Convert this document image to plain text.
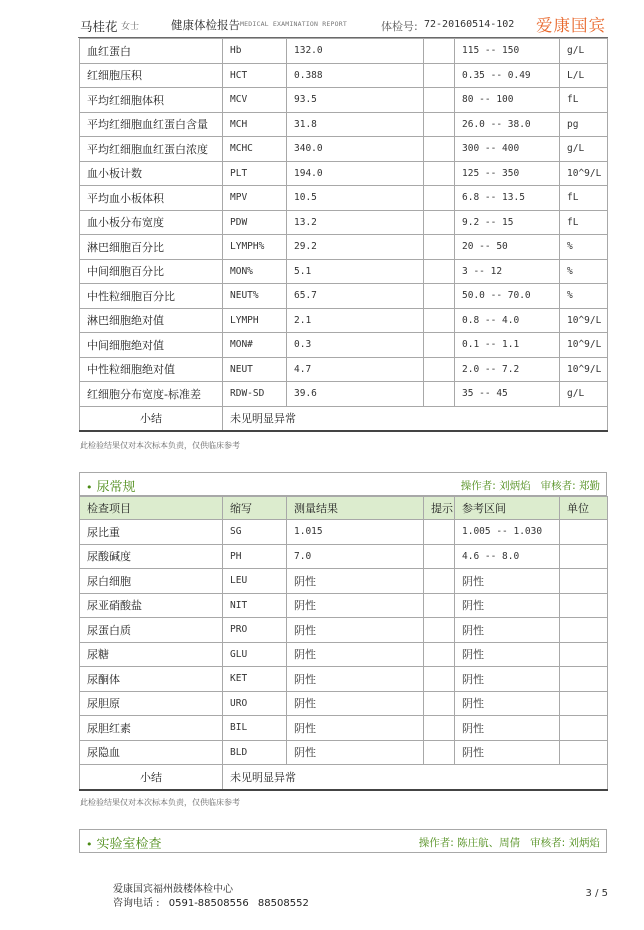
马桂花 女士	健康体检报告 MEDICAL EXAMINATION REPORT	体检号: 72-20160514-102 爱康国宾
血红蛋白	Hb	132.0		115 -- 150	g/L
红细胞压积	HCT	0.388		0.35 -- 0.49	L/L
平均红细胞体积	MCV	93.5		80 -- 100	fL
平均红细胞血红蛋白含量	MCH	31.8		26.0 -- 38.0	pg
平均红细胞血红蛋白浓度	MCHC	340.0		300 -- 400	g/L
血小板计数	PLT	194.0		125 -- 350	10^9/L
平均血小板体积	MPV	10.5		6.8 -- 13.5	fL
血小板分布宽度	PDW	13.2		9.2 -- 15	fL
淋巴细胞百分比	LYMPH%	29.2		20 -- 50	%
中间细胞百分比	MON%	5.1		3 -- 12	%
中性粒细胞百分比	NEUT%	65.7		50.0 -- 70.0	%
淋巴细胞绝对值	LYMPH	2.1		0.8 -- 4.0	10^9/L
中间细胞绝对值	MON#	0.3		0.1 -- 1.1	10^9/L
中性粒细胞绝对值	NEUT	4.7		2.0 -- 7.2	10^9/L
红细胞分布宽度-标准差	RDW-SD	39.6		35 -- 45	g/L
小结	未见明显异常				
此检验结果仅对本次标本负责，仅供临床参考
• 尿常规	操作者: 刘炳焰 审核者: 郑勤
检查项目	缩写	测量结果	提示	参考区间	单位
尿比重	SG	1.015		1.005 -- 1.030	
尿酸碱度	PH	7.0		4.6 -- 8.0	
尿白细胞	LEU	阴性		阴性	
尿亚硝酸盐	NIT	阴性		阴性	
尿蛋白质	PRO	阴性		阴性	
尿糖	GLU	阴性		阴性	
尿酮体	KET	阴性		阴性	
尿胆原	URO	阴性		阴性	
尿胆红素	BIL	阴性		阴性	
尿隐血	BLD	阴性		阴性	
小结	未见明显异常				
此检验结果仅对本次标本负责，仅供临床参考
• 实验室检查	操作者: 陈庄航、周倩 审核者: 刘炳焰
爱康国宾福州鼓楼体检中心
咨询电话 : 0591-88508556 88508552
3 / 5
